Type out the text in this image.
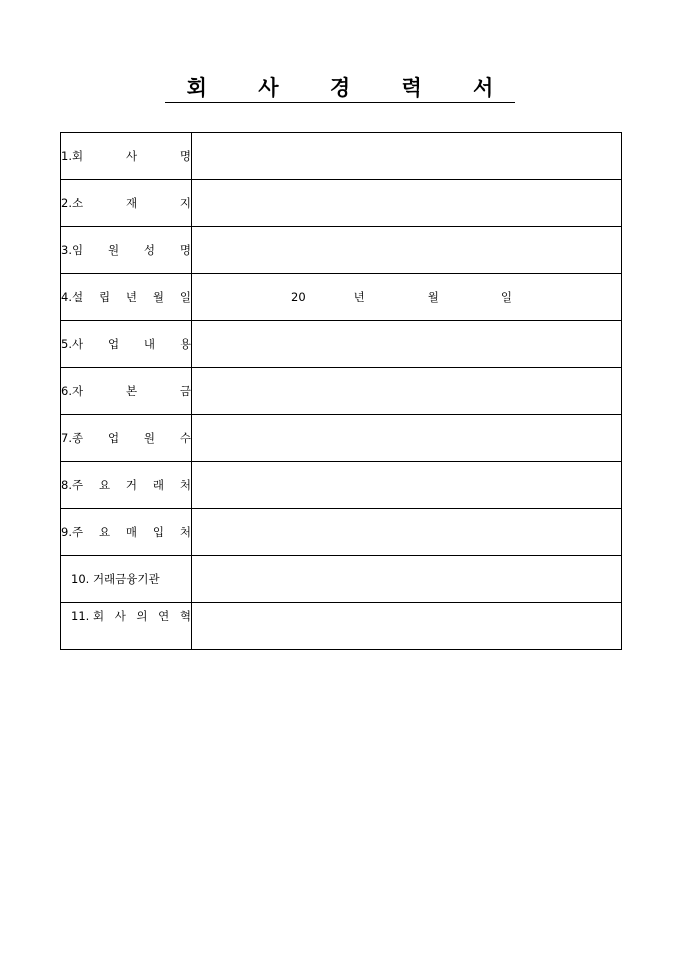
회 사 경 력 서
1.회 사 명	

2.소 재 지	

3.임 원 성 명	

4.설 립 년 월 일	20 년 월 일

5.사 업 내 용	

6.자 본 금	

7.종 업 원 수	

8.주 요 거 래 처	

9.주 요 매 입 처	

10. 거래금융기관	

11. 회 사 의 연 혁	
